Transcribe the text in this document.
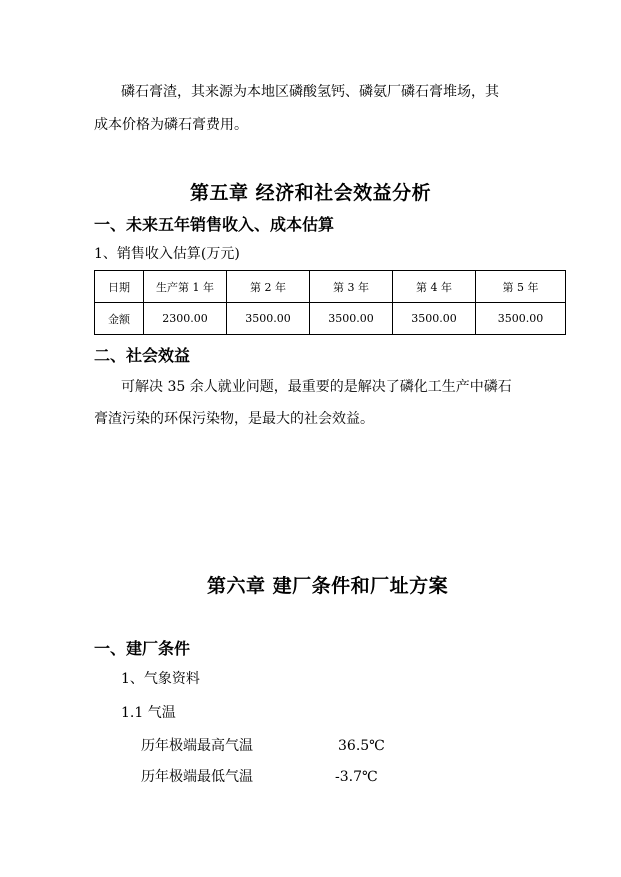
磷石膏渣，其来源为本地区磷酸氢钙、磷氨厂磷石膏堆场，其
成本价格为磷石膏费用。
第五章 经济和社会效益分析
一、未来五年销售收入、成本估算
1、销售收入估算(万元)
日期	生产第 1 年	第 2 年	第 3 年	第 4 年	第 5 年
金额	2300.00	3500.00	3500.00	3500.00	3500.00
二、社会效益
可解决 35 余人就业问题，最重要的是解决了磷化工生产中磷石
膏渣污染的环保污染物，是最大的社会效益。
第六章 建厂条件和厂址方案
一、建厂条件
1、气象资料
1.1 气温
历年极端最高气温	36.5℃
历年极端最低气温	-3.7℃
